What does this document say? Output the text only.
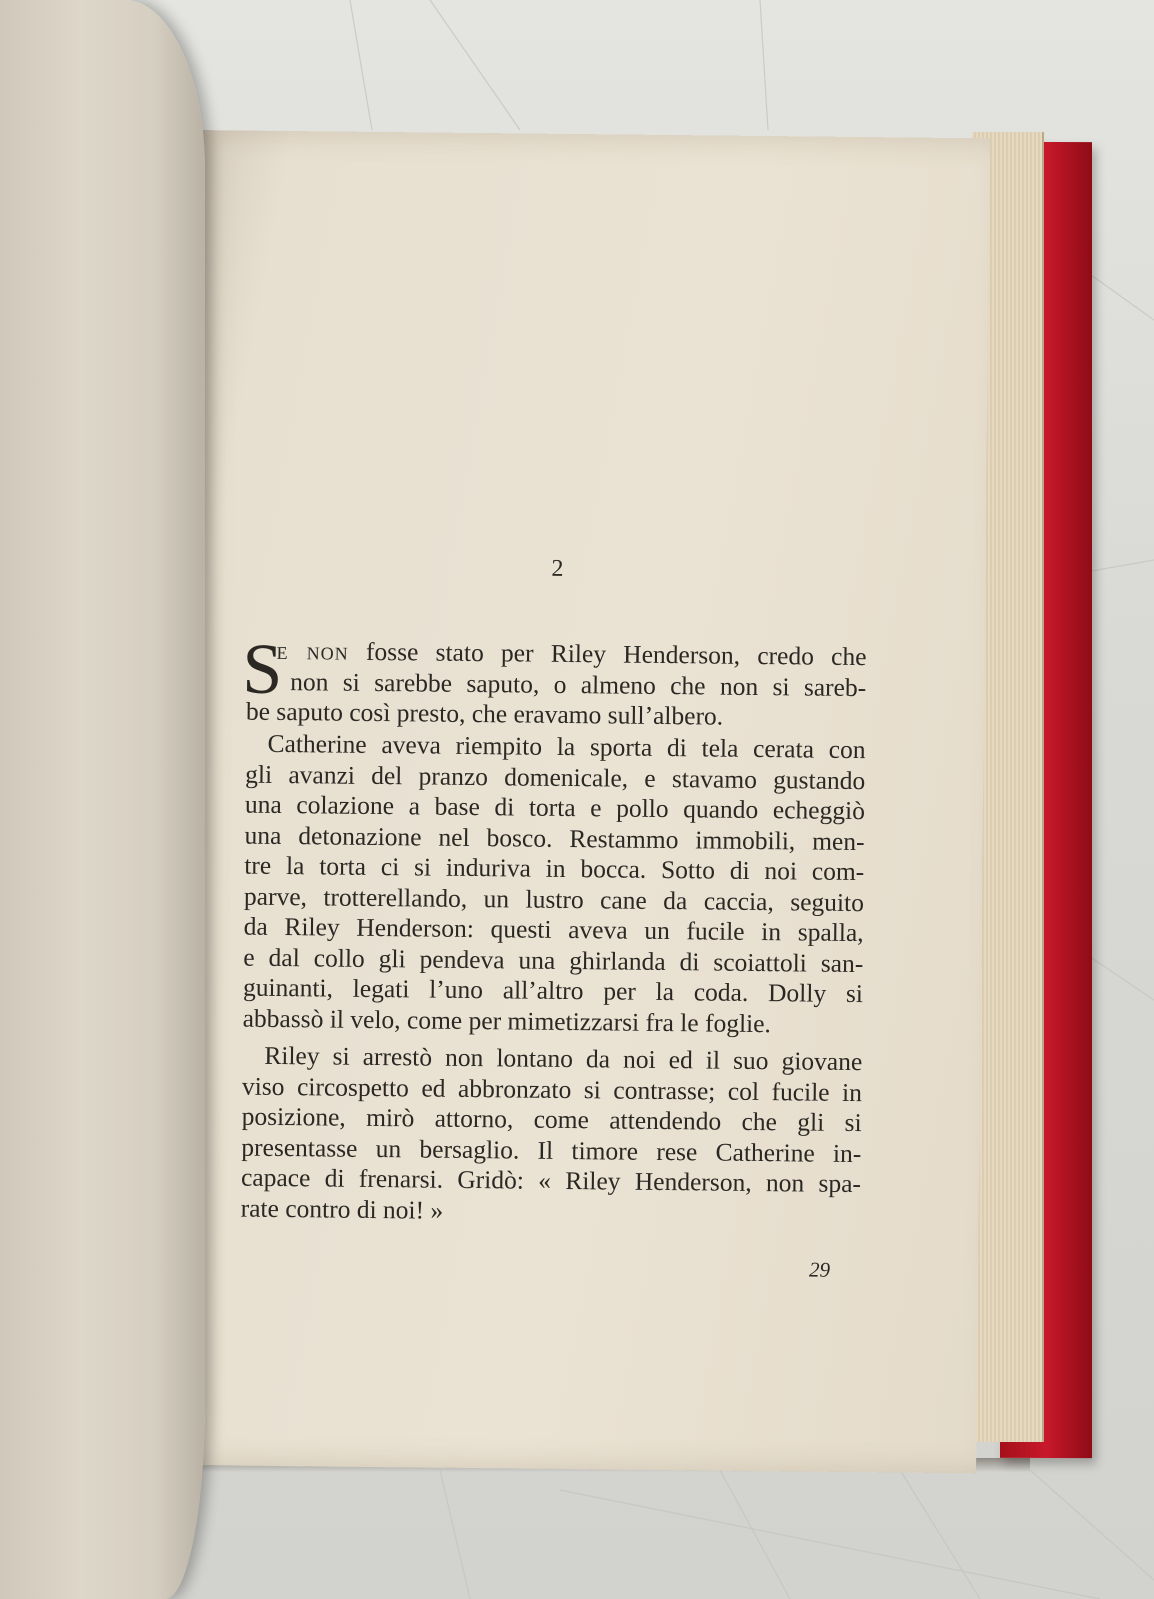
2
S
e non fosse stato per Riley Henderson, credo che
non si sarebbe saputo, o almeno che non si sareb-
be saputo così presto, che eravamo sull’albero.
Catherine aveva riempito la sporta di tela cerata con
gli avanzi del pranzo domenicale, e stavamo gustando
una colazione a base di torta e pollo quando echeggiò
una detonazione nel bosco. Restammo immobili, men-
tre la torta ci si induriva in bocca. Sotto di noi com-
parve, trotterellando, un lustro cane da caccia, seguito
da Riley Henderson: questi aveva un fucile in spalla,
e dal collo gli pendeva una ghirlanda di scoiattoli san-
guinanti, legati l’uno all’altro per la coda. Dolly si
abbassò il velo, come per mimetizzarsi fra le foglie.
Riley si arrestò non lontano da noi ed il suo giovane
viso circospetto ed abbronzato si contrasse; col fucile in
posizione, mirò attorno, come attendendo che gli si
presentasse un bersaglio. Il timore rese Catherine in-
capace di frenarsi. Gridò: « Riley Henderson, non spa-
rate contro di noi! »
29
